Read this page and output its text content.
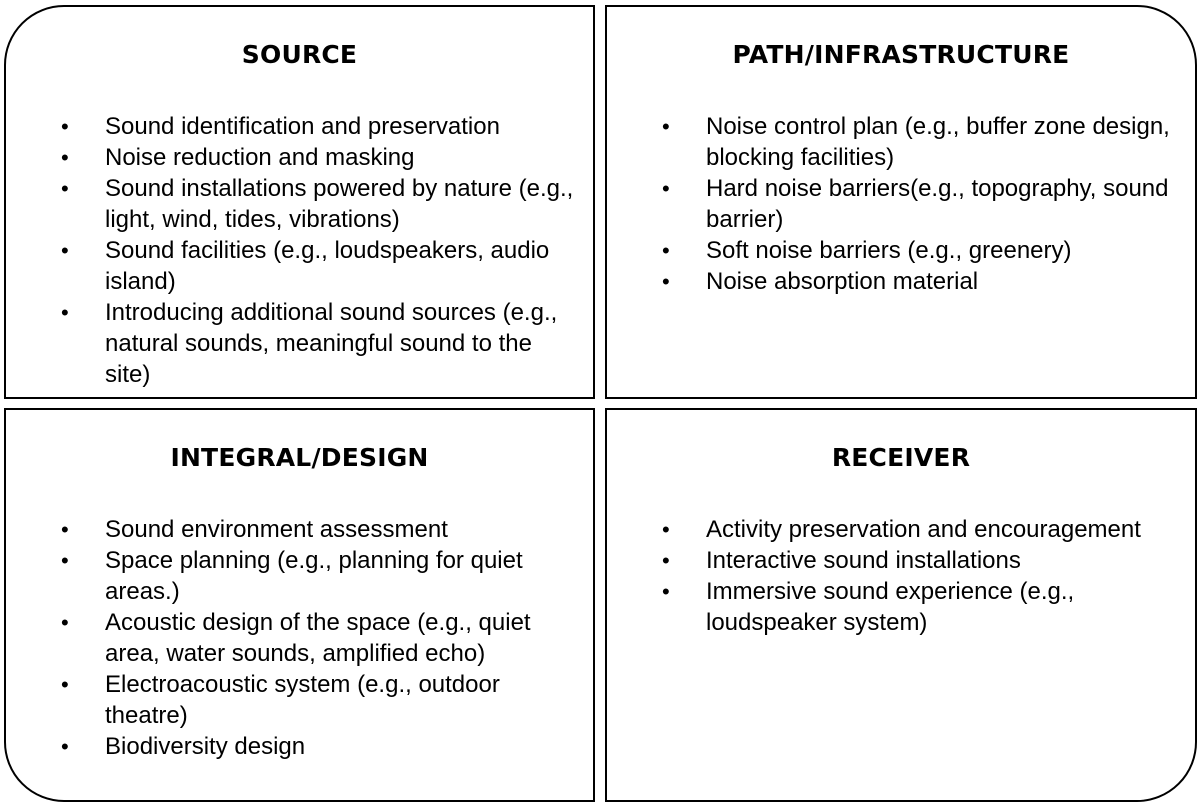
SOURCE
•	Sound identification and preservation
•	Noise reduction and masking
•	Sound installations powered by nature (e.g., light, wind, tides, vibrations)
•	Sound facilities (e.g., loudspeakers, audio island)
•	Introducing additional sound sources (e.g., natural sounds, meaningful sound to the site)
PATH/INFRASTRUCTURE
•	Noise control plan (e.g., buffer zone design, blocking facilities)
•	Hard noise barriers(e.g., topography, sound barrier)
•	Soft noise barriers (e.g., greenery)
•	Noise absorption material
INTEGRAL/DESIGN
•	Sound environment assessment
•	Space planning (e.g., planning for quiet areas.)
•	Acoustic design of the space (e.g., quiet area, water sounds, amplified echo)
•	Electroacoustic system (e.g., outdoor theatre)
•	Biodiversity design
RECEIVER
•	Activity preservation and encouragement
•	Interactive sound installations
•	Immersive sound experience (e.g., loudspeaker system)
